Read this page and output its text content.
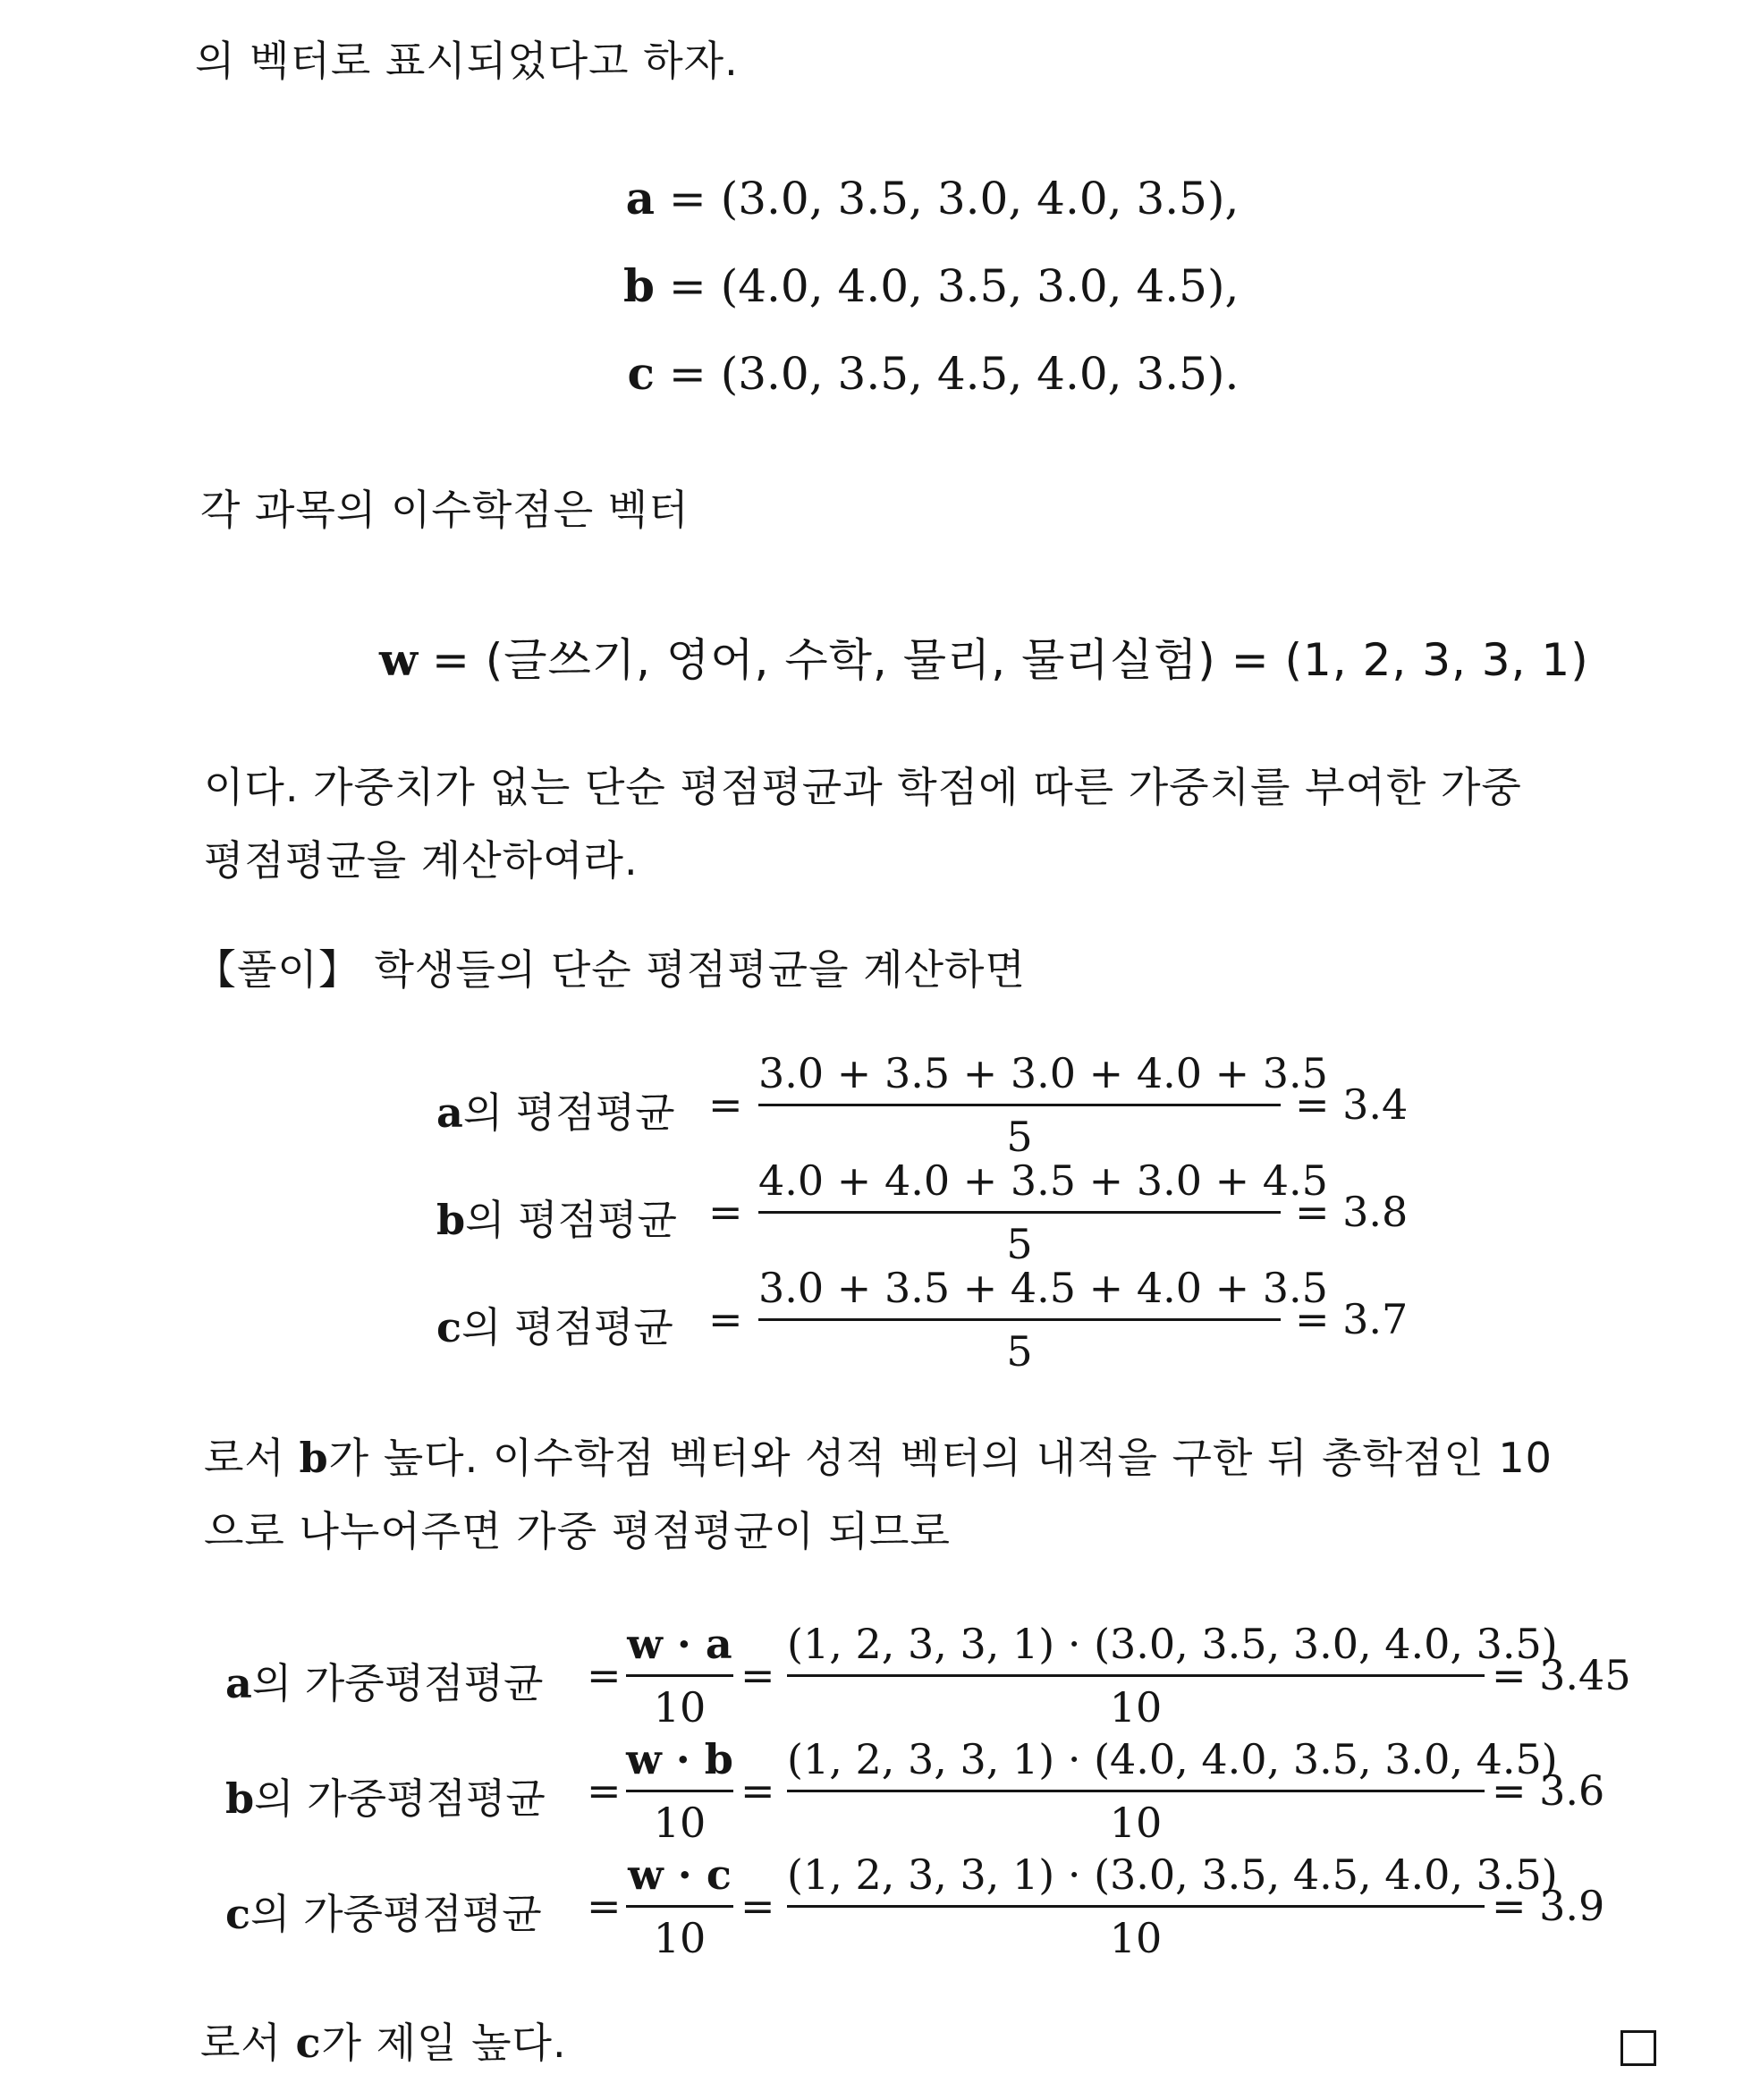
의 벡터로 표시되었다고 하자.

a = (3.0, 3.5, 3.0, 4.0, 3.5),
b = (4.0, 4.0, 3.5, 3.0, 4.5),
c = (3.0, 3.5, 4.5, 4.0, 3.5).

각 과목의 이수학점은 벡터

w = (글쓰기, 영어, 수학, 물리, 물리실험) = (1, 2, 3, 3, 1)

이다. 가중치가 없는 단순 평점평균과 학점에 따른 가중치를 부여한 가중

평점평균을 계산하여라.

【풀이】 학생들의 단순 평점평균을 계산하면

a의 평점평균 =
3.0 + 3.5 + 3.0 + 4.0 + 3.5
5
= 3.4
b의 평점평균 =
4.0 + 4.0 + 3.5 + 3.0 + 4.5
5
= 3.8
c의 평점평균 =
3.0 + 3.5 + 4.5 + 4.0 + 3.5
5
= 3.7

로서 b가 높다. 이수학점 벡터와 성적 벡터의 내적을 구한 뒤 총학점인 10

으로 나누어주면 가중 평점평균이 되므로

a의 가중평점평균 =
w · a
10
=
(1, 2, 3, 3, 1) · (3.0, 3.5, 3.0, 4.0, 3.5)
10
= 3.45
b의 가중평점평균 =
w · b
10
=
(1, 2, 3, 3, 1) · (4.0, 4.0, 3.5, 3.0, 4.5)
10
= 3.6
c의 가중평점평균 =
w · c
10
=
(1, 2, 3, 3, 1) · (3.0, 3.5, 4.5, 4.0, 3.5)
10
= 3.9

로서 c가 제일 높다.
